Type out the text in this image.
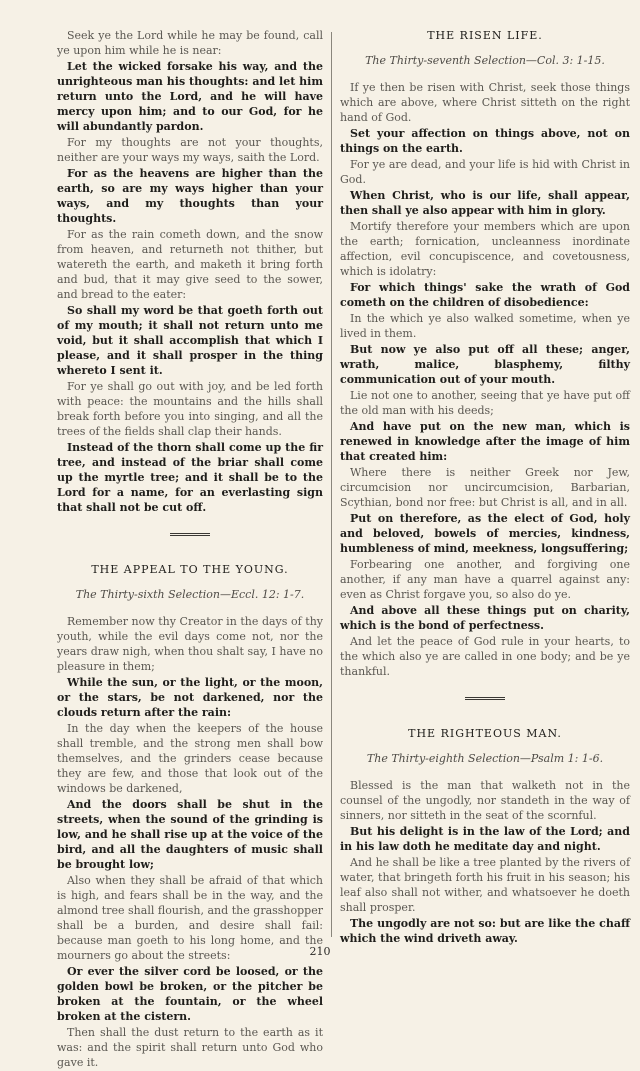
Seek ye the Lord while he may be found, call ye upon him while he is near:

Let the wicked forsake his way, and the unrighteous man his thoughts: and let him return unto the Lord, and he will have mercy upon him; and to our God, for he will abundantly pardon.

For my thoughts are not your thoughts, neither are your ways my ways, saith the Lord.

For as the heavens are higher than the earth, so are my ways higher than your ways, and my thoughts than your thoughts.

For as the rain cometh down, and the snow from heaven, and returneth not thither, but watereth the earth, and maketh it bring forth and bud, that it may give seed to the sower, and bread to the eater:

So shall my word be that goeth forth out of my mouth; it shall not return unto me void, but it shall accomplish that which I please, and it shall prosper in the thing whereto I sent it.

For ye shall go out with joy, and be led forth with peace: the mountains and the hills shall break forth before you into singing, and all the trees of the fields shall clap their hands.

Instead of the thorn shall come up the fir tree, and instead of the briar shall come up the myrtle tree; and it shall be to the Lord for a name, for an everlasting sign that shall not be cut off.

THE APPEAL TO THE YOUNG.
The Thirty-sixth Selection—Eccl. 12: 1-7.

Remember now thy Creator in the days of thy youth, while the evil days come not, nor the years draw nigh, when thou shalt say, I have no pleasure in them;

While the sun, or the light, or the moon, or the stars, be not darkened, nor the clouds return after the rain:

In the day when the keepers of the house shall tremble, and the strong men shall bow themselves, and the grinders cease because they are few, and those that look out of the windows be darkened,

And the doors shall be shut in the streets, when the sound of the grinding is low, and he shall rise up at the voice of the bird, and all the daughters of music shall be brought low;

Also when they shall be afraid of that which is high, and fears shall be in the way, and the almond tree shall flourish, and the grasshopper shall be a burden, and desire shall fail: because man goeth to his long home, and the mourners go about the streets:

Or ever the silver cord be loosed, or the golden bowl be broken, or the pitcher be broken at the fountain, or the wheel broken at the cistern.

Then shall the dust return to the earth as it was: and the spirit shall return unto God who gave it.

THE RISEN LIFE.
The Thirty-seventh Selection—Col. 3: 1-15.

If ye then be risen with Christ, seek those things which are above, where Christ sitteth on the right hand of God.

Set your affection on things above, not on things on the earth.

For ye are dead, and your life is hid with Christ in God.

When Christ, who is our life, shall appear, then shall ye also appear with him in glory.

Mortify therefore your members which are upon the earth; fornication, uncleanness inordinate affection, evil concupiscence, and covetousness, which is idolatry:

For which things' sake the wrath of God cometh on the children of disobedience:

In the which ye also walked sometime, when ye lived in them.

But now ye also put off all these; anger, wrath, malice, blasphemy, filthy communication out of your mouth.

Lie not one to another, seeing that ye have put off the old man with his deeds;

And have put on the new man, which is renewed in knowledge after the image of him that created him:

Where there is neither Greek nor Jew, circumcision nor uncircumcision, Barbarian, Scythian, bond nor free: but Christ is all, and in all.

Put on therefore, as the elect of God, holy and beloved, bowels of mercies, kindness, humbleness of mind, meekness, longsuffering;

Forbearing one another, and forgiving one another, if any man have a quarrel against any: even as Christ forgave you, so also do ye.

And above all these things put on charity, which is the bond of perfectness.

And let the peace of God rule in your hearts, to the which also ye are called in one body; and be ye thankful.

THE RIGHTEOUS MAN.
The Thirty-eighth Selection—Psalm 1: 1-6.

Blessed is the man that walketh not in the counsel of the ungodly, nor standeth in the way of sinners, nor sitteth in the seat of the scornful.

But his delight is in the law of the Lord; and in his law doth he meditate day and night.

And he shall be like a tree planted by the rivers of water, that bringeth forth his fruit in his season; his leaf also shall not wither, and whatsoever he doeth shall prosper.

The ungodly are not so: but are like the chaff which the wind driveth away.

210
